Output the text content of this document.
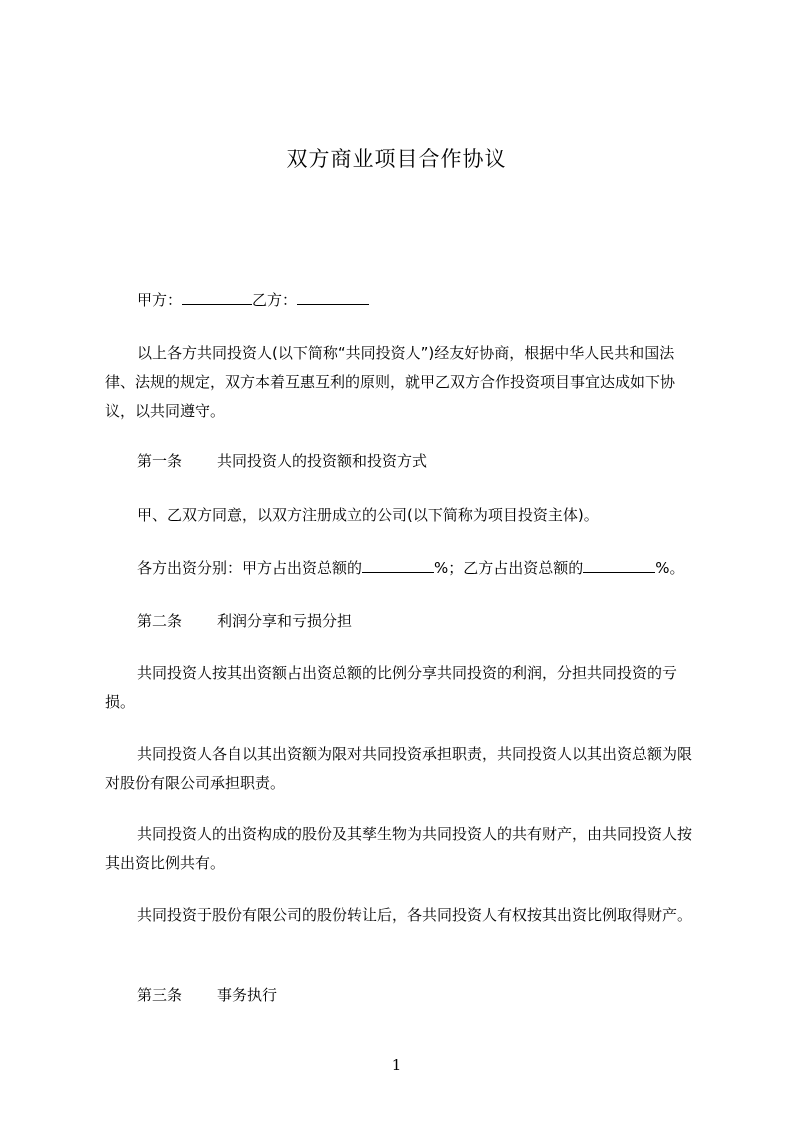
双方商业项目合作协议
甲方：	乙方：
以上各方共同投资人(以下简称“共同投资人”)经友好协商，根据中华人民共和国法律、法规的规定，双方本着互惠互利的原则，就甲乙双方合作投资项目事宜达成如下协议，以共同遵守。
第一条 共同投资人的投资额和投资方式
甲、乙双方同意，以双方注册成立的公司(以下简称为项目投资主体)。
各方出资分别：甲方占出资总额的	%；乙方占出资总额的	%。
第二条 利润分享和亏损分担
共同投资人按其出资额占出资总额的比例分享共同投资的利润，分担共同投资的亏损。
共同投资人各自以其出资额为限对共同投资承担职责，共同投资人以其出资总额为限对股份有限公司承担职责。
共同投资人的出资构成的股份及其孳生物为共同投资人的共有财产，由共同投资人按其出资比例共有。
共同投资于股份有限公司的股份转让后，各共同投资人有权按其出资比例取得财产。
第三条 事务执行
1
